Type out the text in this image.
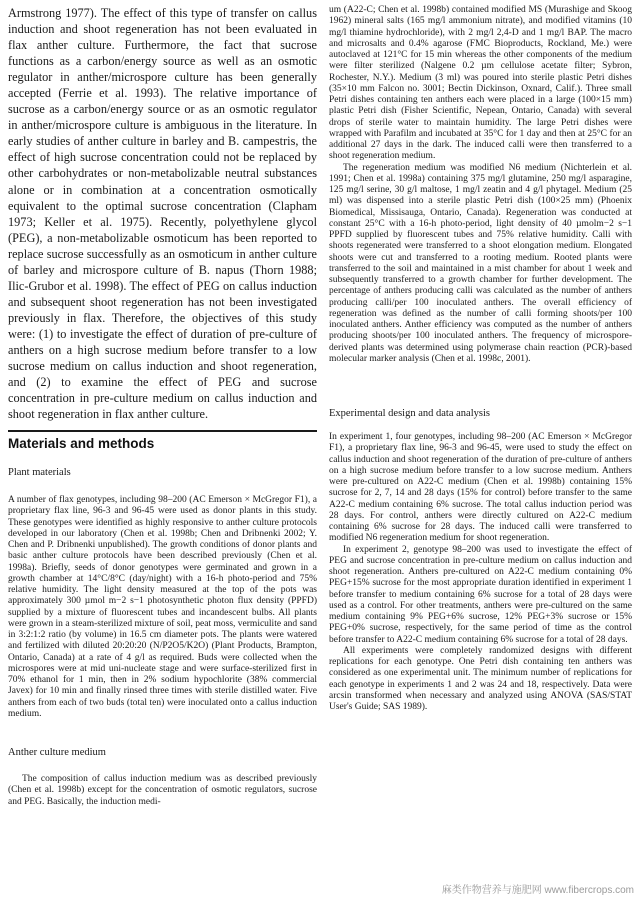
Armstrong 1977). The effect of this type of transfer on callus induction and shoot regeneration has not been evaluated in flax anther culture. Furthermore, the fact that sucrose functions as a carbon/energy source as well as an osmotic regulator in anther/microspore culture has been generally accepted (Ferrie et al. 1993). The relative importance of sucrose as a carbon/energy source or as an osmotic regulator in anther/microspore culture is ambiguous in the literature. In early studies of anther culture in barley and B. campestris, the effect of high sucrose concentration could not be replaced by other carbohydrates or non-metabolizable neutral substances alone or in combination at a concentration osmotically equivalent to the optimal sucrose concentration (Clapham 1973; Keller et al. 1975). Recently, polyethylene glycol (PEG), a non-metabolizable osmoticum has been reported to replace sucrose successfully as an osmoticum in anther culture of barley and microspore culture of B. napus (Thorn 1988; Ilic-Grubor et al. 1998). The effect of PEG on callus induction and subsequent shoot regeneration has not been investigated previously in flax. Therefore, the objectives of this study were: (1) to investigate the effect of duration of pre-culture of anthers on a high sucrose medium before transfer to a low sucrose medium on callus induction and shoot regeneration, and (2) to examine the effect of PEG and sucrose concentration in pre-culture medium on callus induction and shoot regeneration in flax anther culture.

Materials and methods
Plant materials

A number of flax genotypes, including 98–200 (AC Emerson × McGregor F1), a proprietary flax line, 96-3 and 96-45 were used as donor plants in this study. These genotypes were identified as highly responsive to anther culture protocols developed in our laboratory (Chen et al. 1998b; Chen and Dribnenki 2002; Y. Chen and P. Dribnenki unpublished). The growth conditions of donor plants and basic anther culture protocols have been described previously (Chen et al. 1998a). Briefly, seeds of donor genotypes were germinated and grown in a growth chamber at 14°C/8°C (day/night) with a 16-h photo-period and 75% relative humidity. The light density measured at the top of the pots was approximately 300 µmol m−2 s−1 photosynthetic photon flux density (PPFD) supplied by a mixture of fluorescent tubes and incandescent bulbs. All plants were grown in a steam-sterilized mixture of soil, peat moss, vermiculite and sand in 3:2:1:2 ratio (by volume) in 16.5 cm diameter pots. The plants were watered and fertilized with diluted 20:20:20 (N/P2O5/K2O) (Plant Products, Brampton, Ontario, Canada) at a rate of 4 g/l as required. Buds were collected when the microspores were at mid uni-nucleate stage and were surface-sterilized first in 70% ethanol for 1 min, then in 2% sodium hypochlorite (38% commercial Javex) for 10 min and finally rinsed three times with sterile distilled water. Five anthers from each of two buds (total ten) were inoculated onto a callus induction medium.

Anther culture medium

The composition of callus induction medium was as described previously (Chen et al. 1998b) except for the concentration of osmotic regulators, sucrose and PEG. Basically, the induction medi-

um (A22-C; Chen et al. 1998b) contained modified MS (Murashige and Skoog 1962) mineral salts (165 mg/l ammonium nitrate), and modified vitamins (10 mg/l thiamine hydrochloride), with 2 mg/l 2,4-D and 1 mg/l BAP. The macro and microsalts and 0.4% agarose (FMC Bioproducts, Rockland, Me.) were autoclaved at 121°C for 15 min whereas the other components of the medium were filter sterilized (Nalgene 0.2 µm cellulose acetate filter; Sybron, Rochester, N.Y.). Medium (3 ml) was poured into sterile plastic Petri dishes (35×10 mm Falcon no. 3001; Bectin Dickinson, Oxnard, Calif.). Three small Petri dishes containing ten anthers each were placed in a large (100×15 mm) plastic Petri dish (Fisher Scientific, Nepean, Ontario, Canada) with several drops of sterile water to maintain humidity. The large Petri dishes were wrapped with Parafilm and incubated at 35°C for 1 day and then at 25°C for an additional 27 days in the dark. The induced calli were then transferred to a shoot regeneration medium.

The regeneration medium was modified N6 medium (Nichterlein et al. 1991; Chen et al. 1998a) containing 375 mg/l glutamine, 250 mg/l asparagine, 125 mg/l serine, 30 g/l maltose, 1 mg/l zeatin and 4 g/l phytagel. Medium (25 ml) was dispensed into a sterile plastic Petri dish (100×25 mm) (Phoenix Biomedical, Missisauga, Ontario, Canada). Regeneration was conducted at constant 25°C with a 16-h photo-period, light density of 40 µmolm−2 s−1 PPFD supplied by fluorescent tubes and 75% relative humidity. Calli with shoots regenerated were transferred to a shoot elongation medium. Elongated shoots were cut and transferred to a rooting medium. Rooted plants were transferred to the soil and maintained in a mist chamber for about 1 week and subsequently transferred to a growth chamber for further development. The percentage of anthers producing calli was calculated as the number of anthers producing calli/per 100 inoculated anthers. The overall efficiency of regeneration was defined as the number of calli forming shoots/per 100 inoculated anthers. Anther efficiency was computed as the number of anthers producing shoots/per 100 inoculated anthers. The frequency of microspore-derived plants was determined using polymerase chain reaction (PCR)-based molecular marker analysis (Chen et al. 1998c, 2001).

Experimental design and data analysis

In experiment 1, four genotypes, including 98–200 (AC Emerson × McGregor F1), a proprietary flax line, 96-3 and 96-45, were used to study the effect on callus induction and shoot regeneration of the duration of pre-culture of anthers on a high sucrose medium before transfer to a low sucrose medium. Anthers were pre-cultured on A22-C medium (Chen et al. 1998b) containing 15% sucrose for 2, 7, 14 and 28 days (15% for control) before transfer to the same A22-C medium containing 6% sucrose. The total callus induction period was 28 days. For control, anthers were directly cultured on A22-C medium containing 6% sucrose for 28 days. The induced calli were transferred to modified N6 regeneration medium for shoot regeneration.

In experiment 2, genotype 98–200 was used to investigate the effect of PEG and sucrose concentration in pre-culture medium on callus induction and shoot regeneration. Anthers pre-cultured on A22-C medium containing 0% PEG+15% sucrose for the most appropriate duration identified in experiment 1 before transfer to medium containing 6% sucrose for a total of 28 days were used as a control. For other treatments, anthers were pre-cultured on the same medium containing 9% PEG+6% sucrose, 12% PEG+3% sucrose or 15% PEG+0% sucrose, respectively, for the same period of time as the control before transfer to A22-C medium containing 6% sucrose for a total of 28 days.

All experiments were completely randomized designs with different replications for each genotype. One Petri dish containing ten anthers was considered as one experimental unit. The minimum number of replications for each genotype in experiments 1 and 2 was 24 and 18, respectively. Data were arcsin transformed when necessary and analyzed using ANOVA (SAS/STAT User's Guide; SAS 1989).

麻类作物营养与施肥网 www.fibercrops.com
